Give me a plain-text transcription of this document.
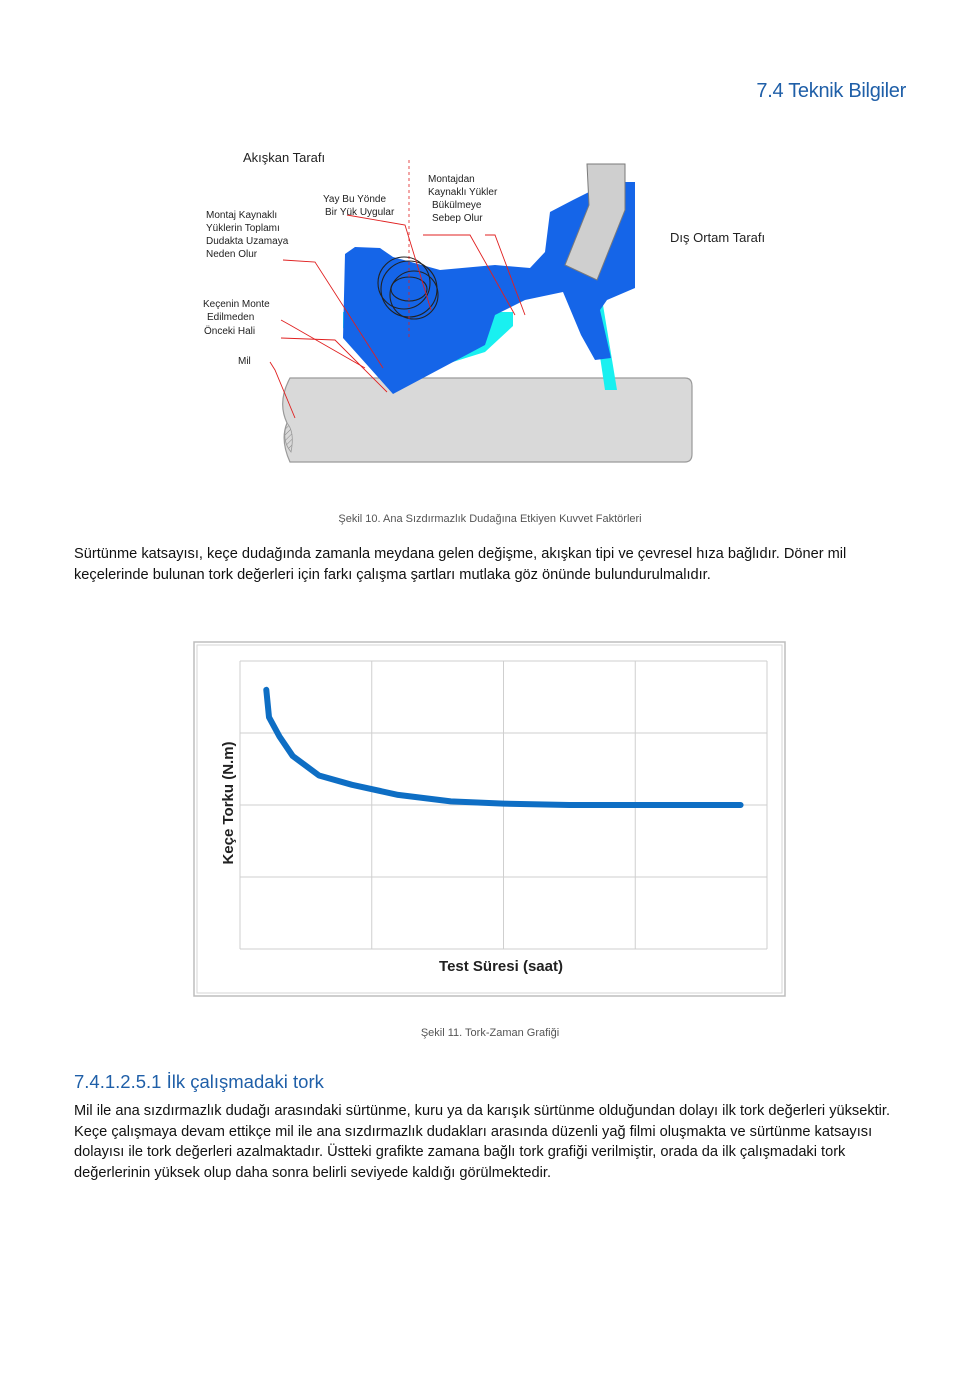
7.4 Teknik Bilgiler
Akışkan Tarafı
Dış Ortam Tarafı
Yay Bu Yönde
Bir Yük Uygular
Montajdan
Kaynaklı Yükler
Bükülmeye
Sebep Olur
Montaj Kaynaklı
Yüklerin Toplamı
Dudakta Uzamaya
Neden Olur
Keçenin Monte
Edilmeden
Önceki Hali
Mil
Şekil 10. Ana Sızdırmazlık Dudağına Etkiyen Kuvvet Faktörleri
Sürtünme katsayısı, keçe dudağında zamanla meydana gelen değişme, akışkan tipi ve çevresel hıza bağlıdır. Döner mil keçelerinde bulunan tork değerleri için farkı çalışma şartları mutlaka göz önünde bulundurulmalıdır.
Test Süresi (saat)
Keçe Torku (N.m)
Şekil 11. Tork-Zaman Grafiği
7.4.1.2.5.1 İlk çalışmadaki tork
Mil ile ana sızdırmazlık dudağı arasındaki sürtünme, kuru ya da karışık sürtünme olduğundan dolayı ilk tork değerleri yüksektir. Keçe çalışmaya devam ettikçe mil ile ana sızdırmazlık dudakları arasında düzenli yağ filmi oluşmakta ve sürtünme katsayısı dolayısı ile tork değerleri azalmaktadır. Üstteki grafikte zamana bağlı tork grafiği verilmiştir, orada da ilk çalışmadaki tork değerlerinin yüksek olup daha sonra belirli seviyede kaldığı görülmektedir.
